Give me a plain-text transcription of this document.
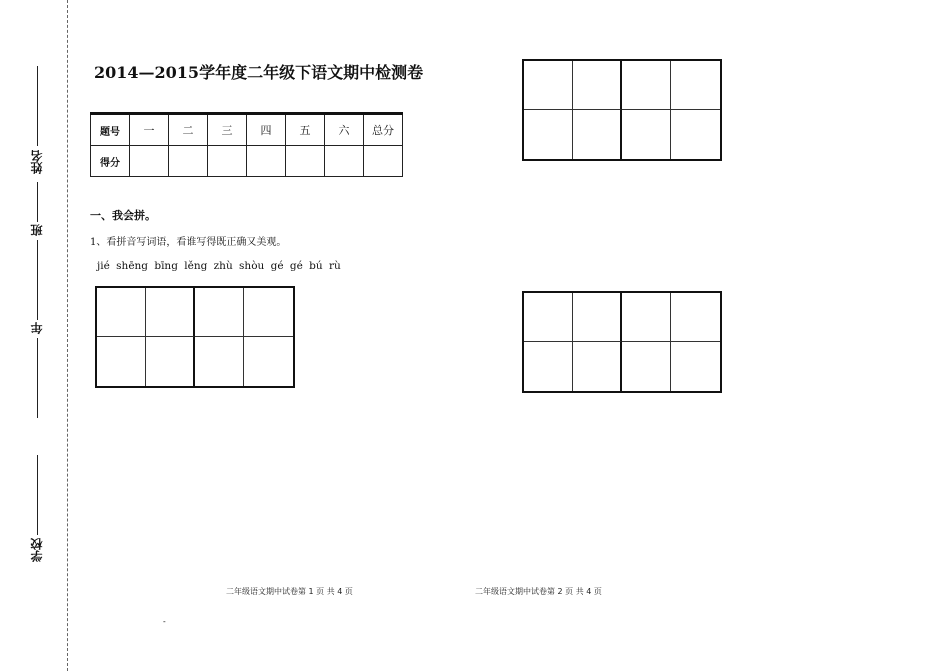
姓名
班
年
学校
2014—2015学年度二年级下语文期中检测卷
题号	一	二	三	四	五	六	总分
得分							
一、我会拼。
1、看拼音写词语，看谁写得既正确又美观。
jié shēng bīng lěng zhù shòu gé gé bú rù
二年级语文期中试卷第 1 页 共 4 页	二年级语文期中试卷第 2 页 共 4 页
-
